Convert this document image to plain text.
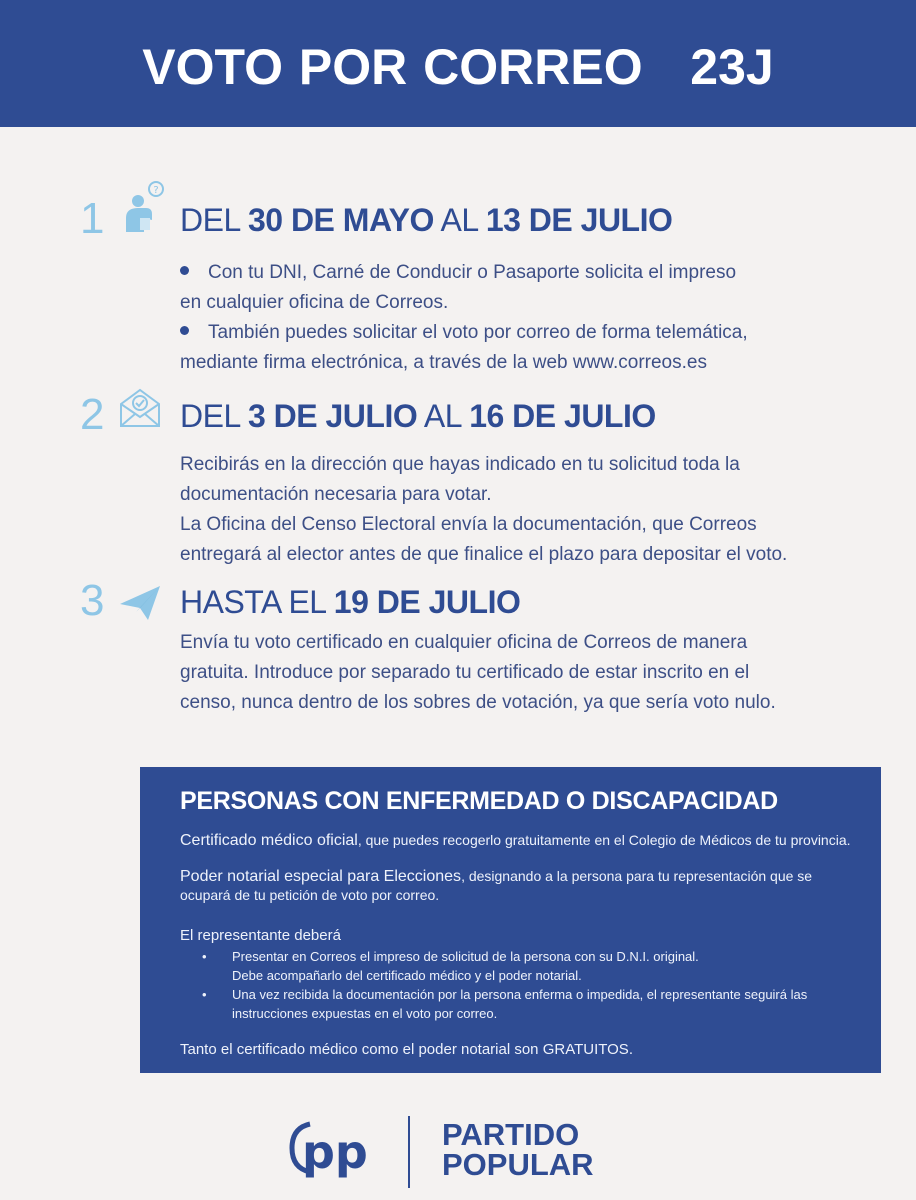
VOTO POR CORREO   23J
1
?
DEL 30 DE MAYO AL 13 DE JULIO
Con tu DNI, Carné de Conducir o Pasaporte solicita el impreso
en cualquier oficina de Correos.
También puedes solicitar el voto por correo de forma telemática,
mediante firma electrónica, a través de la web www.correos.es
2 DEL 3 DE JULIO AL 16 DE JULIO
Recibirás en la dirección que hayas indicado en tu solicitud toda la
documentación necesaria para votar.
La Oficina del Censo Electoral envía la documentación, que Correos
entregará al elector antes de que finalice el plazo para depositar el voto.
3 HASTA EL 19 DE JULIO
Envía tu voto certificado en cualquier oficina de Correos de manera
gratuita. Introduce por separado tu certificado de estar inscrito en el
censo, nunca dentro de los sobres de votación, ya que sería voto nulo.
PERSONAS CON ENFERMEDAD O DISCAPACIDAD
Certificado médico oficial, que puedes recogerlo gratuitamente en el Colegio de Médicos de tu provincia.
Poder notarial especial para Elecciones, designando a la persona para tu representación que se
ocupará de tu petición de voto por correo.
El representante deberá
• Presentar en Correos el impreso de solicitud de la persona con su D.N.I. original.
Debe acompañarlo del certificado médico y el poder notarial.
• Una vez recibida la documentación por la persona enferma o impedida, el representante seguirá las
instrucciones expuestas en el voto por correo.
Tanto el certificado médico como el poder notarial son GRATUITOS.
pp PARTIDO
POPULAR
